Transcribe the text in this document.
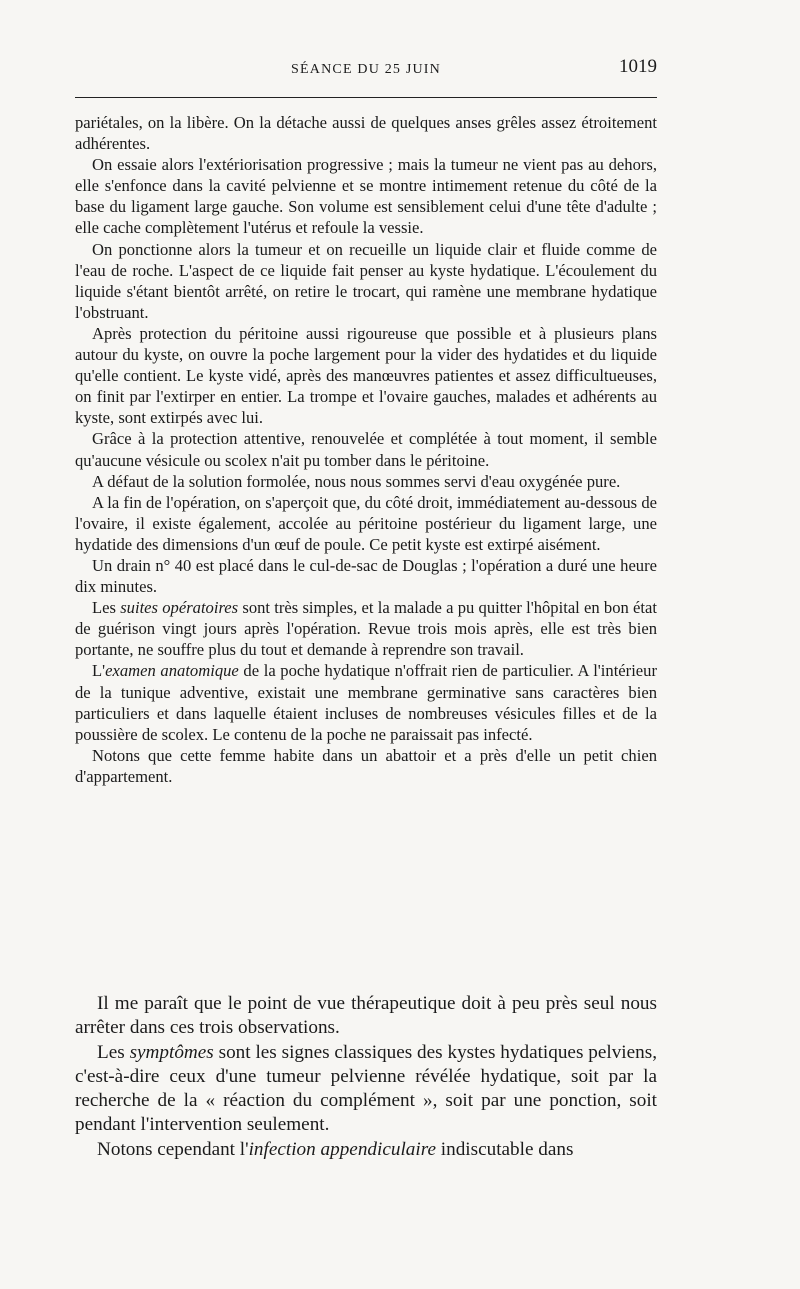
SÉANCE DU 25 JUIN	1019

pariétales, on la libère. On la détache aussi de quelques anses grêles assez étroitement adhérentes.

On essaie alors l'extériorisation progressive ; mais la tumeur ne vient pas au dehors, elle s'enfonce dans la cavité pelvienne et se montre intimement retenue du côté de la base du ligament large gauche. Son volume est sensiblement celui d'une tête d'adulte ; elle cache complètement l'utérus et refoule la vessie.

On ponctionne alors la tumeur et on recueille un liquide clair et fluide comme de l'eau de roche. L'aspect de ce liquide fait penser au kyste hydatique. L'écoulement du liquide s'étant bientôt arrêté, on retire le trocart, qui ramène une membrane hydatique l'obstruant.

Après protection du péritoine aussi rigoureuse que possible et à plusieurs plans autour du kyste, on ouvre la poche largement pour la vider des hydatides et du liquide qu'elle contient. Le kyste vidé, après des manœuvres patientes et assez difficultueuses, on finit par l'extirper en entier. La trompe et l'ovaire gauches, malades et adhérents au kyste, sont extirpés avec lui.

Grâce à la protection attentive, renouvelée et complétée à tout moment, il semble qu'aucune vésicule ou scolex n'ait pu tomber dans le péritoine.

A défaut de la solution formolée, nous nous sommes servi d'eau oxygénée pure.

A la fin de l'opération, on s'aperçoit que, du côté droit, immédiatement au-dessous de l'ovaire, il existe également, accolée au péritoine postérieur du ligament large, une hydatide des dimensions d'un œuf de poule. Ce petit kyste est extirpé aisément.

Un drain n° 40 est placé dans le cul-de-sac de Douglas ; l'opération a duré une heure dix minutes.

Les suites opératoires sont très simples, et la malade a pu quitter l'hôpital en bon état de guérison vingt jours après l'opération. Revue trois mois après, elle est très bien portante, ne souffre plus du tout et demande à reprendre son travail.

L'examen anatomique de la poche hydatique n'offrait rien de particulier. A l'intérieur de la tunique adventive, existait une membrane germinative sans caractères bien particuliers et dans laquelle étaient incluses de nombreuses vésicules filles et de la poussière de scolex. Le contenu de la poche ne paraissait pas infecté.

Notons que cette femme habite dans un abattoir et a près d'elle un petit chien d'appartement.

Il me paraît que le point de vue thérapeutique doit à peu près seul nous arrêter dans ces trois observations.

Les symptômes sont les signes classiques des kystes hydatiques pelviens, c'est-à-dire ceux d'une tumeur pelvienne révélée hydatique, soit par la recherche de la « réaction du complément », soit par une ponction, soit pendant l'intervention seulement.

Notons cependant l'infection appendiculaire indiscutable dans
